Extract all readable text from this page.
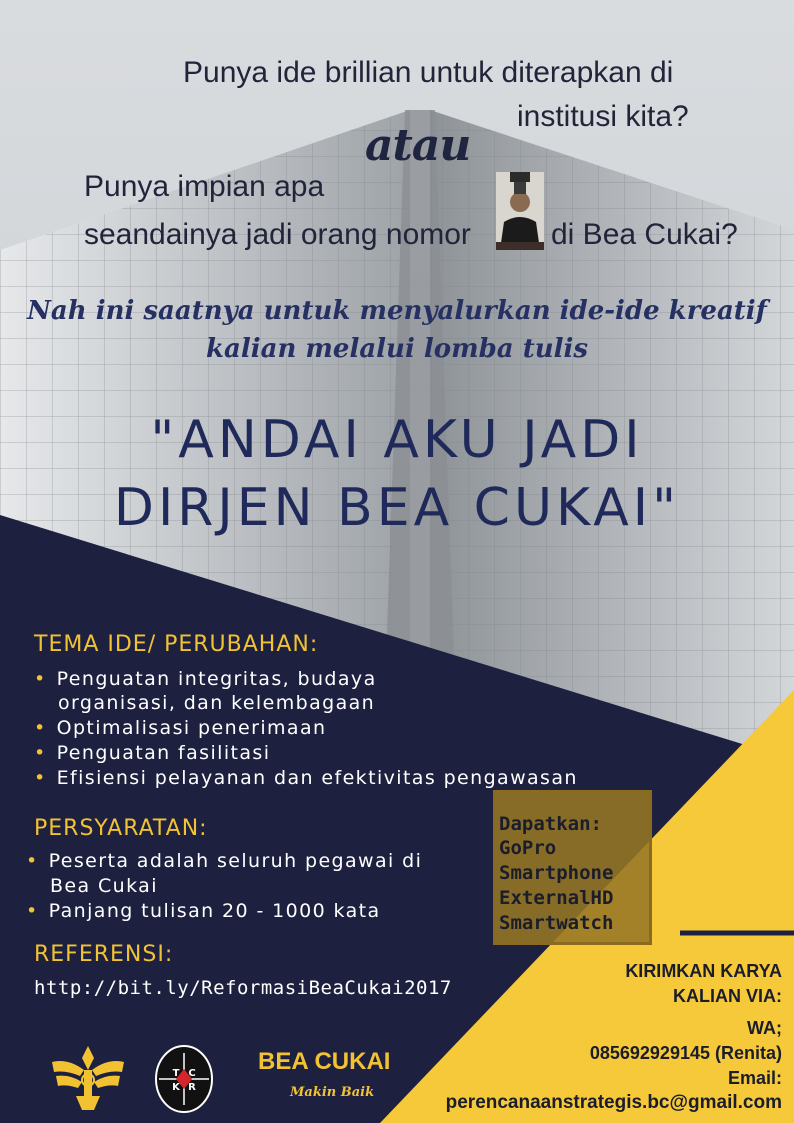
Punya ide brillian untuk diterapkan di
institusi kita?
atau
Punya impian apa
seandainya jadi orang nomor	di Bea Cukai?
Nah ini saatnya untuk menyalurkan ide-ide kreatif
kalian melalui lomba tulis
"ANDAI AKU JADI
DIRJEN BEA CUKAI"
TEMA IDE/ PERUBAHAN:
• Penguatan integritas, budaya
organisasi, dan kelembagaan
• Optimalisasi penerimaan
• Penguatan fasilitasi
• Efisiensi pelayanan dan efektivitas pengawasan
PERSYARATAN:
• Peserta adalah seluruh pegawai di
Bea Cukai
• Panjang tulisan 20 - 1000 kata
REFERENSI:
http://bit.ly/ReformasiBeaCukai2017
Dapatkan:
GoPro
Smartphone
ExternalHD
Smartwatch
KIRIMKAN KARYA
KALIAN VIA:
WA;
085692929145 (Renita)
Email:
perencanaanstrategis.bc@gmail.com
T C
K R
BEA CUKAI
Makin Baik
